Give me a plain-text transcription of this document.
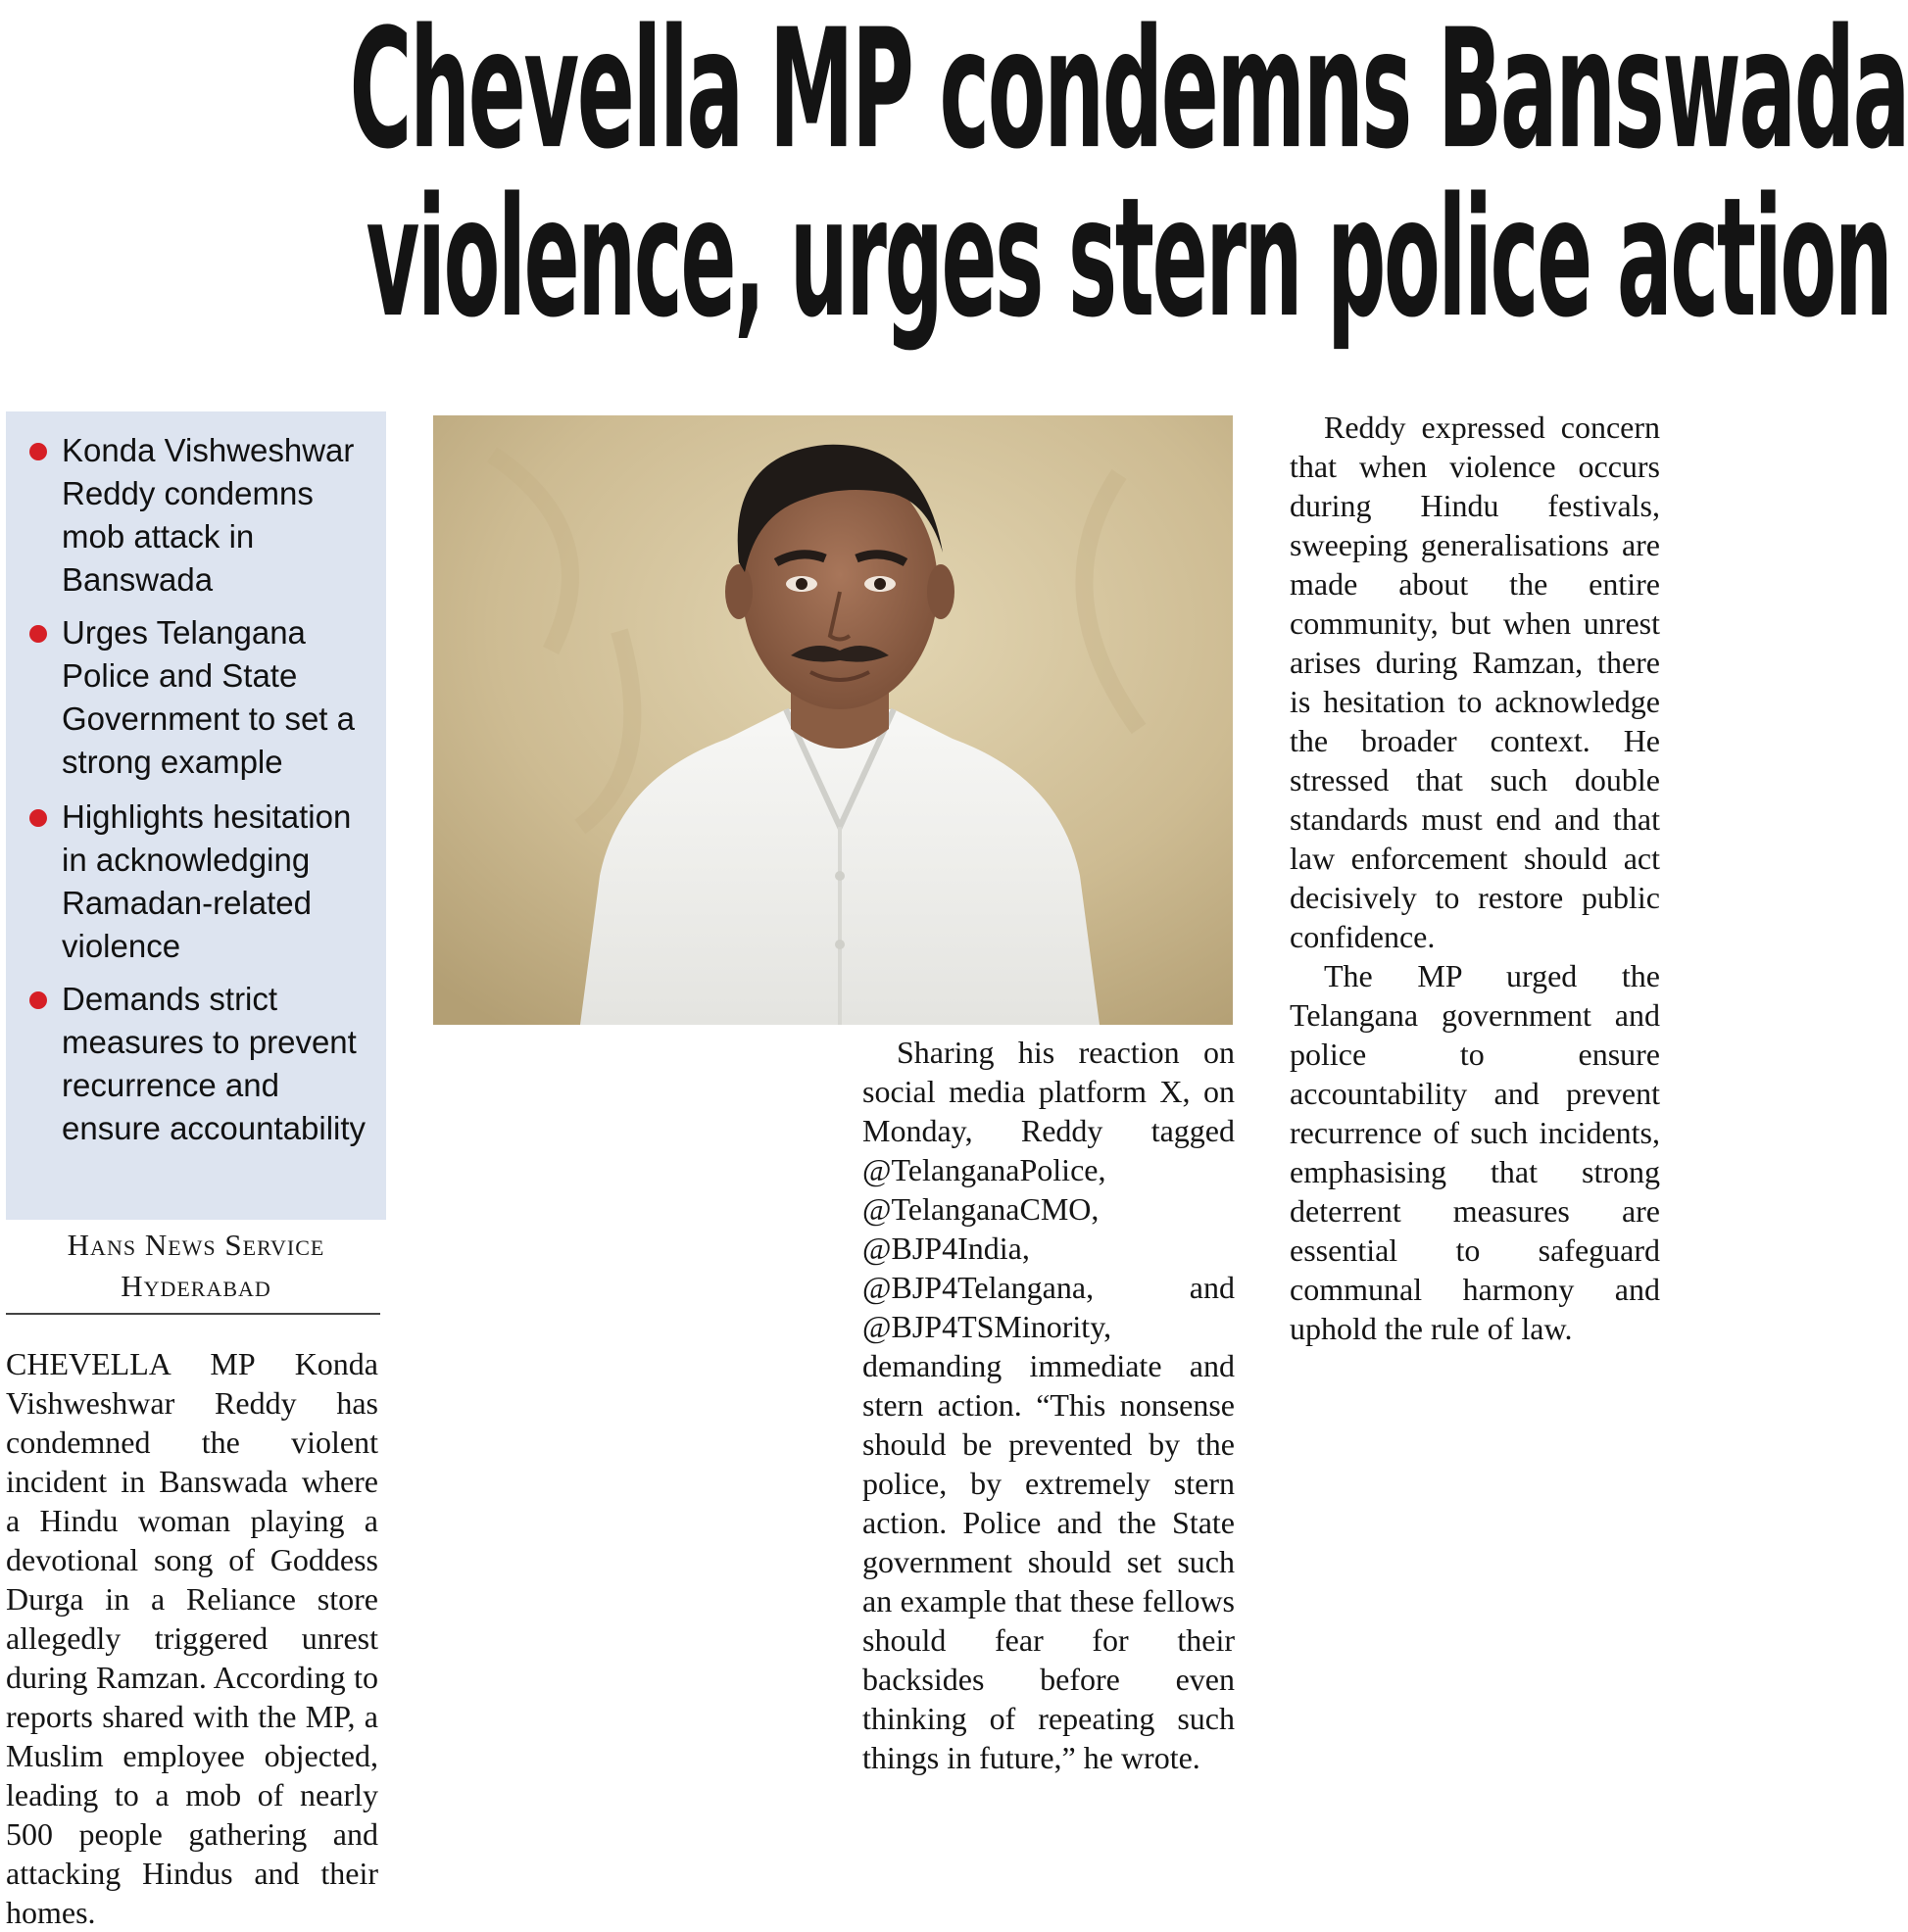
Chevella MP condemns Banswada
violence, urges stern police action
Konda Vishweshwar Reddy condemns mob attack in Banswada
Urges Telangana Police and State Government to set a strong example
Highlights hesitation in acknowledging Ramadan-related violence
Demands strict measures to prevent recurrence and ensure accountability
Hans News Service
Hyderabad

CHEVELLA MP Konda Vishweshwar Reddy has condemned the violent incident in Banswada where a Hindu woman playing a devotional song of Goddess Durga in a Reliance store allegedly triggered unrest during Ramzan. According to reports shared with the MP, a Muslim employee objected, leading to a mob of nearly 500 people gathering and attacking Hindus and their homes.

Sharing his reaction on social media platform X, on Monday, Reddy tagged @TelanganaPolice, @TelanganaCMO, @BJP4India, @BJP4Telangana, and @BJP4TSMinority, demanding immediate and stern action. “This nonsense should be prevented by the police, by extremely stern action. Police and the State government should set such an example that these fellows should fear for their backsides before even thinking of repeating such things in future,” he wrote.

Reddy expressed concern that when violence occurs during Hindu festivals, sweeping generalisations are made about the entire community, but when unrest arises during Ramzan, there is hesitation to acknowledge the broader context. He stressed that such double standards must end and that law enforcement should act decisively to restore public confidence.

The MP urged the Telangana government and police to ensure accountability and prevent recurrence of such incidents, emphasising that strong deterrent measures are essential to safeguard communal harmony and uphold the rule of law.
